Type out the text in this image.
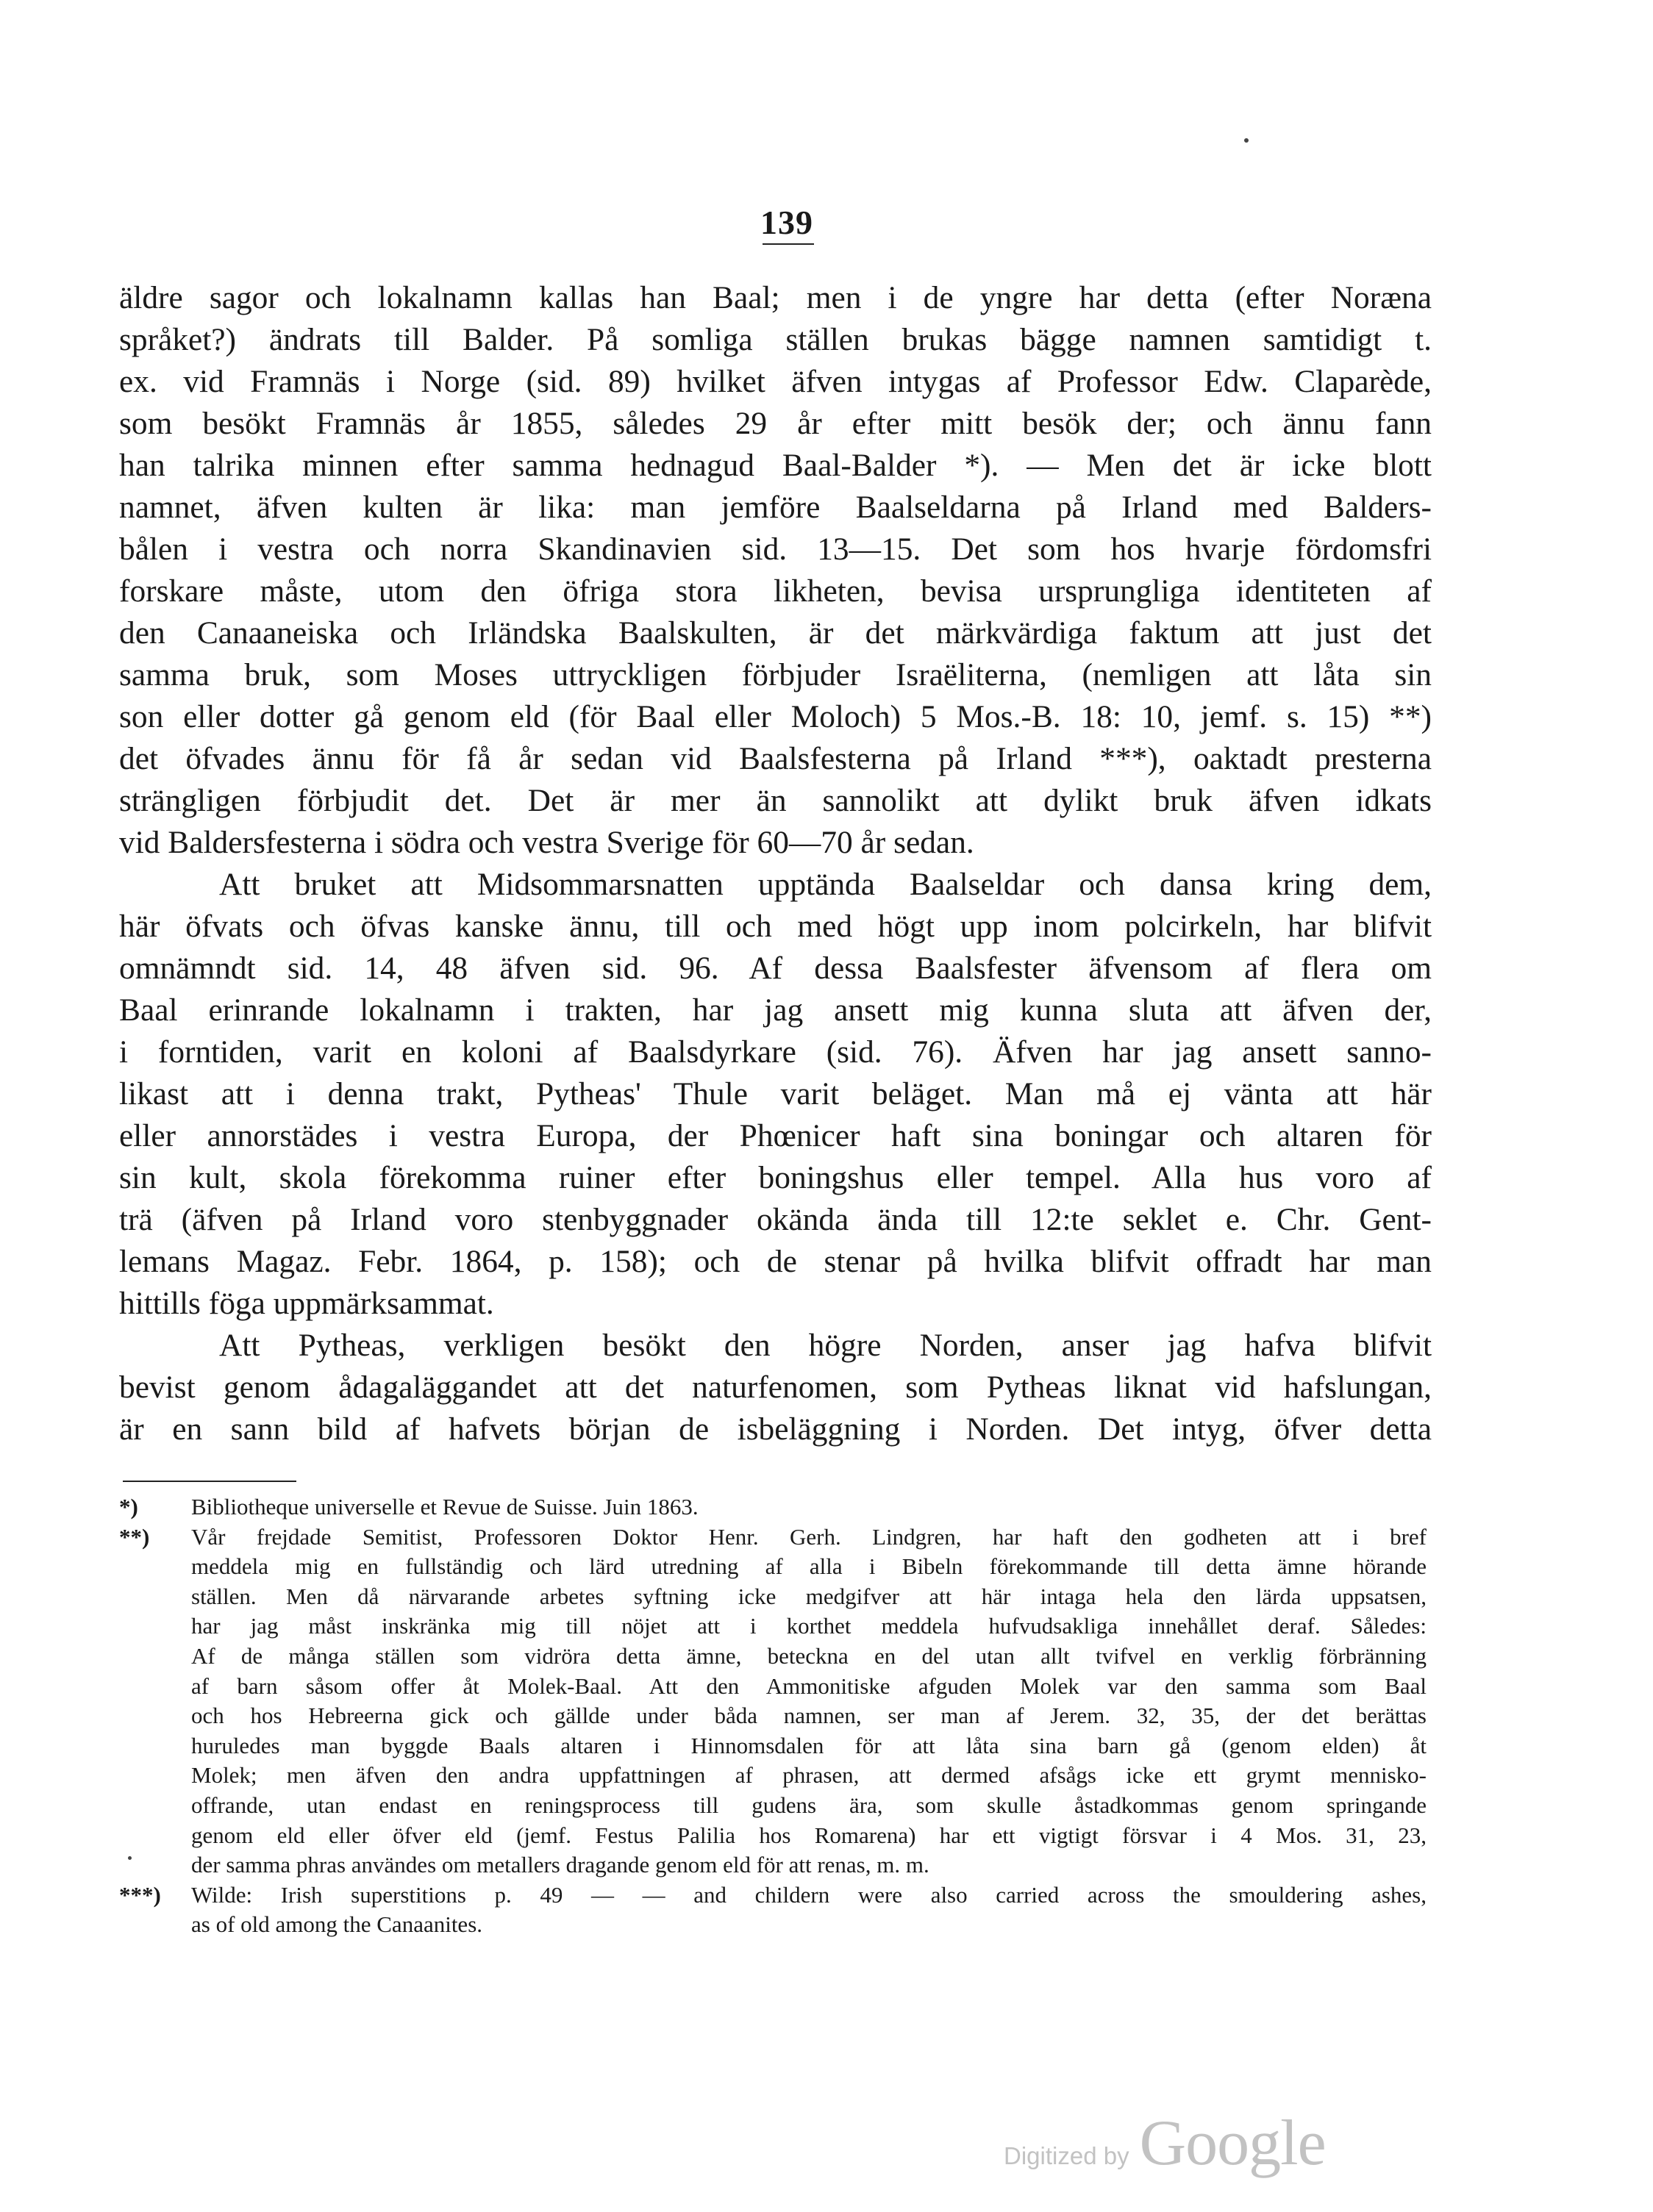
139
äldre sagor och lokalnamn kallas han Baal; men i de yngre har detta (efter Noræna
språket?) ändrats till Balder. På somliga ställen brukas bägge namnen samtidigt t.
ex. vid Framnäs i Norge (sid. 89) hvilket äfven intygas af Professor Edw. Claparède,
som besökt Framnäs år 1855, således 29 år efter mitt besök der; och ännu fann
han talrika minnen efter samma hednagud Baal-Balder *). — Men det är icke blott
namnet, äfven kulten är lika: man jemföre Baalseldarna på Irland med Balders-
bålen i vestra och norra Skandinavien sid. 13—15. Det som hos hvarje fördomsfri
forskare måste, utom den öfriga stora likheten, bevisa ursprungliga identiteten af
den Canaaneiska och Irländska Baalskulten, är det märkvärdiga faktum att just det
samma bruk, som Moses uttryckligen förbjuder Israëliterna, (nemligen att låta sin
son eller dotter gå genom eld (för Baal eller Moloch) 5 Mos.-B. 18: 10, jemf. s. 15) **)
det öfvades ännu för få år sedan vid Baalsfesterna på Irland ***), oaktadt presterna
strängligen förbjudit det. Det är mer än sannolikt att dylikt bruk äfven idkats
vid Baldersfesterna i södra och vestra Sverige för 60—70 år sedan.
Att bruket att Midsommarsnatten upptända Baalseldar och dansa kring dem,
här öfvats och öfvas kanske ännu, till och med högt upp inom polcirkeln, har blifvit
omnämndt sid. 14, 48 äfven sid. 96. Af dessa Baalsfester äfvensom af flera om
Baal erinrande lokalnamn i trakten, har jag ansett mig kunna sluta att äfven der,
i forntiden, varit en koloni af Baalsdyrkare (sid. 76). Äfven har jag ansett sanno-
likast att i denna trakt, Pytheas' Thule varit beläget. Man må ej vänta att här
eller annorstädes i vestra Europa, der Phœnicer haft sina boningar och altaren för
sin kult, skola förekomma ruiner efter boningshus eller tempel. Alla hus voro af
trä (äfven på Irland voro stenbyggnader okända ända till 12:te seklet e. Chr. Gent-
lemans Magaz. Febr. 1864, p. 158); och de stenar på hvilka blifvit offradt har man
hittills föga uppmärksammat.
Att Pytheas, verkligen besökt den högre Norden, anser jag hafva blifvit
bevist genom ådagaläggandet att det naturfenomen, som Pytheas liknat vid hafslungan,
är en sann bild af hafvets början de isbeläggning i Norden. Det intyg, öfver detta
*)	Bibliotheque universelle et Revue de Suisse. Juin 1863.
**)	Vår frejdade Semitist, Professoren Doktor Henr. Gerh. Lindgren, har haft den godheten att i bref
meddela mig en fullständig och lärd utredning af alla i Bibeln förekommande till detta ämne hörande
ställen. Men då närvarande arbetes syftning icke medgifver att här intaga hela den lärda uppsatsen,
har jag måst inskränka mig till nöjet att i korthet meddela hufvudsakliga innehållet deraf. Således:
Af de många ställen som vidröra detta ämne, betecknа en del utan allt tvifvel en verklig förbränning
af barn såsom offer åt Molek-Baal. Att den Ammonitiske afguden Molek var den samma som Baal
och hos Hebreerna gick och gällde under båda namnen, ser man af Jerem. 32, 35, der det berättas
huruledes man byggde Baals altaren i Hinnomsdalen för att låta sina barn gå (genom elden) åt
Molek; men äfven den andra uppfattningen af phrasen, att dermed afsågs icke ett grymt mennisko-
offrande, utan endast en reningsprocess till gudens ära, som skulle åstadkommas genom springande
genom eld eller öfver eld (jemf. Festus Palilia hos Romarena) har ett vigtigt försvar i 4 Mos. 31, 23,
der samma phras användes om metallers dragande genom eld för att renas, m. m.
***)	Wilde: Irish superstitions p. 49 — — and childern were also carried across the smouldering ashes,
as of old among the Canaanites.
Digitized by Google
